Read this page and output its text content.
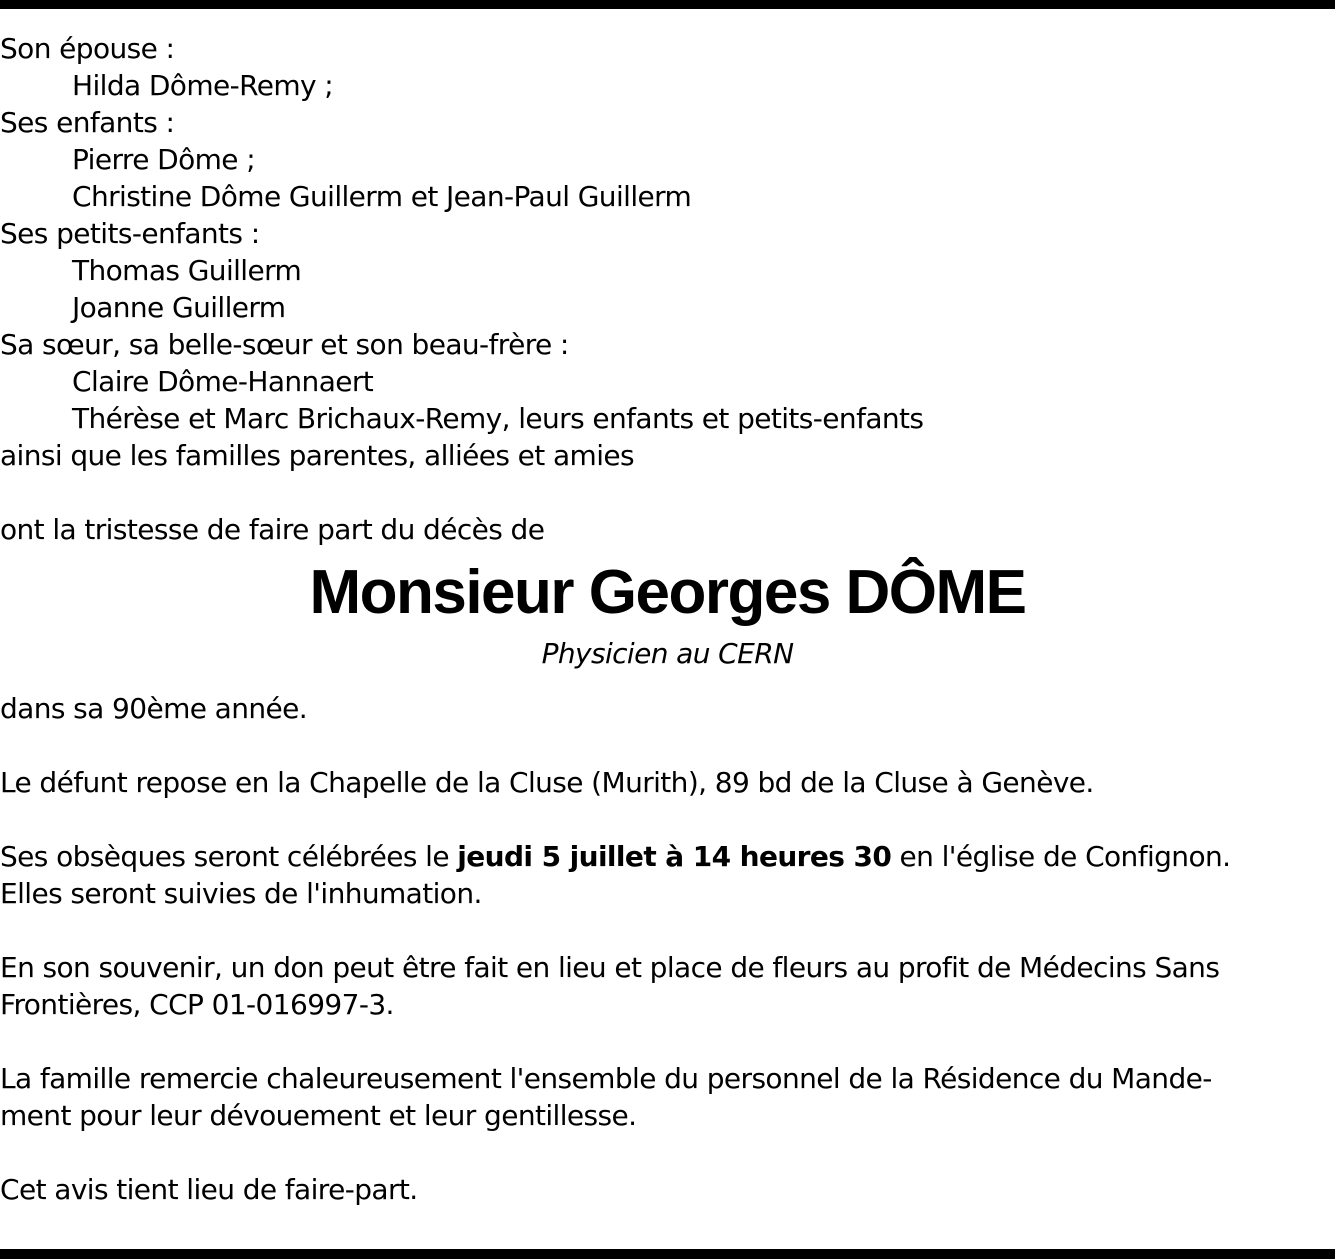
Son épouse :
Hilda Dôme-Remy ;
Ses enfants :
Pierre Dôme ;
Christine Dôme Guillerm et Jean-Paul Guillerm
Ses petits-enfants :
Thomas Guillerm
Joanne Guillerm
Sa sœur, sa belle-sœur et son beau-frère :
Claire Dôme-Hannaert
Thérèse et Marc Brichaux-Remy, leurs enfants et petits-enfants
ainsi que les familles parentes, alliées et amies
ont la tristesse de faire part du décès de
Monsieur Georges DÔME
Physicien au CERN
dans sa 90ème année.
Le défunt repose en la Chapelle de la Cluse (Murith), 89 bd de la Cluse à Genève.
Ses obsèques seront célébrées le jeudi 5 juillet à 14 heures 30 en l'église de Confignon.
Elles seront suivies de l'inhumation.
En son souvenir, un don peut être fait en lieu et place de fleurs au profit de Médecins Sans
Frontières, CCP 01-016997-3.
La famille remercie chaleureusement l'ensemble du personnel de la Résidence du Mande-
ment pour leur dévouement et leur gentillesse.
Cet avis tient lieu de faire-part.
